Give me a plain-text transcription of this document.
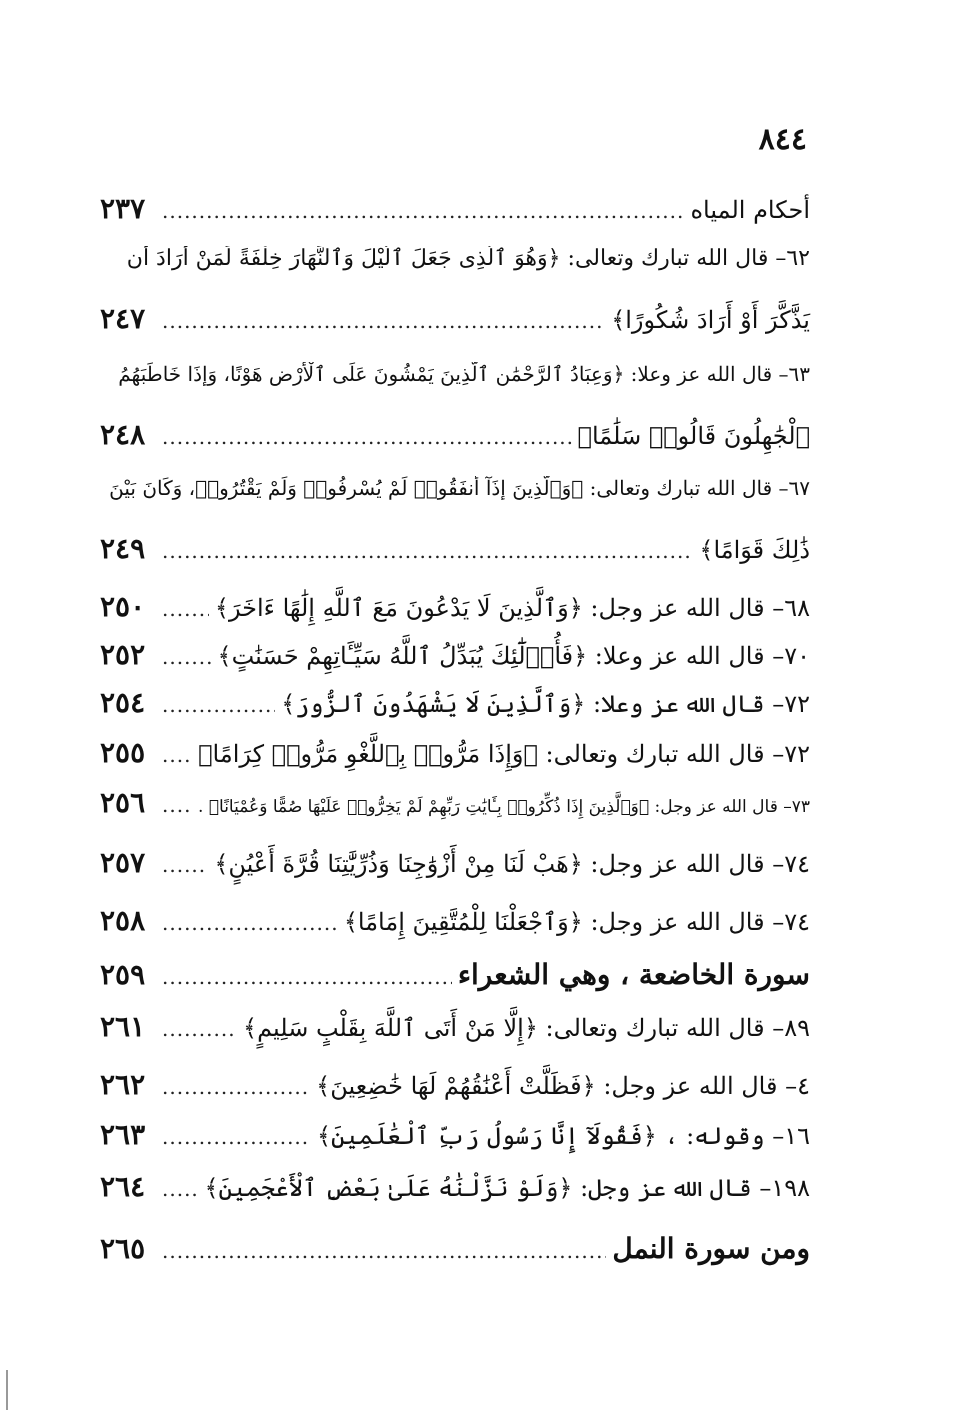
٨٤٤
أحكام المياه
.....
٢٣٧
٦٢– قال الله تبارك وتعالى: ﴿وَهُوَ ٱلَّذِى جَعَلَ ٱلَّيْلَ وَٱلنَّهَارَ خِلْفَةً لِّمَنْ أَرَادَ أَن
يَذَّكَّرَ أَوْ أَرَادَ شُكُورًا﴾
.....
٢٤٧
٦٣– قال الله عز وعلا: ﴿وَعِبَادُ ٱلرَّحْمَٰنِ ٱلَّذِينَ يَمْشُونَ عَلَى ٱلْأَرْضِ هَوْنًا، وَإِذَا خَاطَبَهُمُ
ٱلْجَٰهِلُونَ قَالُوا۟ سَلَٰمًا﴾
.....
٢٤٨
٦٧– قال الله تبارك وتعالى: ﴿وَٱلَّذِينَ إِذَآ أَنفَقُوا۟ لَمْ يُسْرِفُوا۟ وَلَمْ يَقْتُرُوا۟، وَكَانَ بَيْنَ
ذَٰلِكَ قَوَامًا﴾
.....
٢٤٩
٦٨– قال الله عز وجل: ﴿وَٱلَّذِينَ لَا يَدْعُونَ مَعَ ٱللَّهِ إِلَٰهًا ءَاخَرَ﴾
.....
٢٥٠
٧٠– قال الله عز وعلا: ﴿فَأُو۟لَٰٓئِكَ يُبَدِّلُ ٱللَّهُ سَيِّـَٔاتِهِمْ حَسَنَٰتٍ﴾
.....
٢٥٢
٧٢– قال الله عز وعلا: ﴿وَٱلَّذِينَ لَا يَشْهَدُونَ ٱلزُّورَ﴾
.....
٢٥٤
٧٢– قال الله تبارك وتعالى: ﴿وَإِذَا مَرُّوا۟ بِٱللَّغْوِ مَرُّوا۟ كِرَامًا﴾
.....
٢٥٥
٧٣– قال الله عز وجل: ﴿وَٱلَّذِينَ إِذَا ذُكِّرُوا۟ بِـَٔايَٰتِ رَبِّهِمْ لَمْ يَخِرُّوا۟ عَلَيْهَا صُمًّا وَعُمْيَانًا﴾ .
.....
٢٥٦
٧٤– قال الله عز وجل: ﴿هَبْ لَنَا مِنْ أَزْوَٰجِنَا وَذُرِّيَّٰتِنَا قُرَّةَ أَعْيُنٍ﴾
.....
٢٥٧
٧٤– قال الله عز وجل: ﴿وَٱجْعَلْنَا لِلْمُتَّقِينَ إِمَامًا﴾
.....
٢٥٨
سورة الخاضعة ، وهي الشعراء
.....
٢٥٩
٨٩– قال الله تبارك وتعالى: ﴿إِلَّا مَنْ أَتَى ٱللَّهَ بِقَلْبٍ سَلِيمٍ﴾
.....
٢٦١
٤– قال الله عز وجل: ﴿فَظَلَّتْ أَعْنَٰقُهُمْ لَهَا خَٰضِعِينَ﴾
.....
٢٦٢
١٦– وقوله: ، ﴿فَقُولَآ إِنَّا رَسُولُ رَبِّ ٱلْعَٰلَمِينَ﴾
.....
٢٦٣
١٩٨– قال الله عز وجل: ﴿وَلَوْ نَزَّلْنَٰهُ عَلَىٰ بَعْضِ ٱلْأَعْجَمِينَ﴾
.....
٢٦٤
ومن سورة النمل
.....
٢٦٥
